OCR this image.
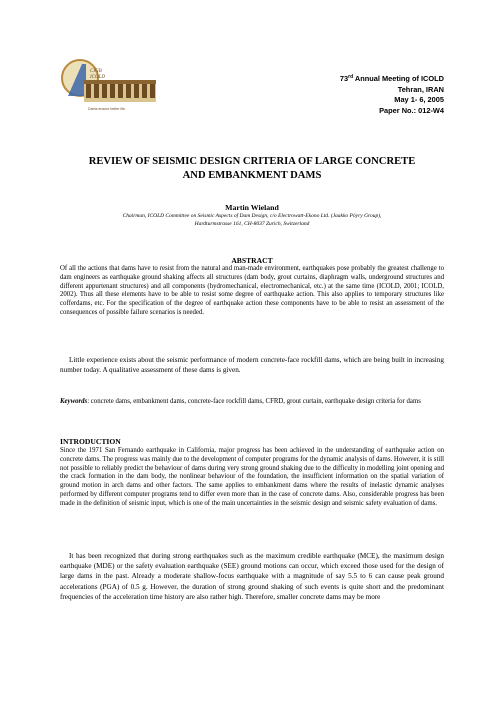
CIGB
ICOLD
Dams ensure better life
73rd Annual Meeting of ICOLD
Tehran, IRAN
May 1- 6, 2005
Paper No.: 012-W4
REVIEW OF SEISMIC DESIGN CRITERIA OF LARGE CONCRETE
AND EMBANKMENT DAMS
Martin Wieland
Chairman, ICOLD Committee on Seismic Aspects of Dam Design, c/o Electrowatt-Ekono Ltd. (Jaakko Pöyry Group),
Hardturmstrasse 161, CH-8037 Zurich, Switzerland
ABSTRACT
Of all the actions that dams have to resist from the natural and man-made environment, earthquakes pose probably the greatest challenge to dam engineers as earthquake ground shaking affects all structures (dam body, grout curtains, diaphragm walls, underground structures and different appurtenant structures) and all components (hydromechanical, electromechanical, etc.) at the same time (ICOLD, 2001; ICOLD, 2002). Thus all these elements have to be able to resist some degree of earthquake action. This also applies to temporary structures like cofferdams, etc. For the specification of the degree of earthquake action these components have to be able to resist an assessment of the consequences of possible failure scenarios is needed.
Little experience exists about the seismic performance of modern concrete-face rockfill dams, which are being built in increasing number today. A qualitative assessment of these dams is given.
Keywords: concrete dams, embankment dams, concrete-face rockfill dams, CFRD, grout curtain, earthquake design criteria for dams
INTRODUCTION
Since the 1971 San Fernando earthquake in California, major progress has been achieved in the understanding of earthquake action on concrete dams. The progress was mainly due to the development of computer programs for the dynamic analysis of dams. However, it is still not possible to reliably predict the behaviour of dams during very strong ground shaking due to the difficulty in modelling joint opening and the crack formation in the dam body, the nonlinear behaviour of the foundation, the insufficient information on the spatial variation of ground motion in arch dams and other factors. The same applies to embankment dams where the results of inelastic dynamic analyses performed by different computer programs tend to differ even more than in the case of concrete dams. Also, considerable progress has been made in the definition of seismic input, which is one of the main uncertainties in the seismic design and seismic safety evaluation of dams.
It has been recognized that during strong earthquakes such as the maximum credible earthquake (MCE), the maximum design earthquake (MDE) or the safety evaluation earthquake (SEE) ground motions can occur, which exceed those used for the design of large dams in the past. Already a moderate shallow-focus earthquake with a magnitude of say 5.5 to 6 can cause peak ground accelerations (PGA) of 0.5 g. However, the duration of strong ground shaking of such events is quite short and the predominant frequencies of the acceleration time history are also rather high. Therefore, smaller concrete dams may be more
